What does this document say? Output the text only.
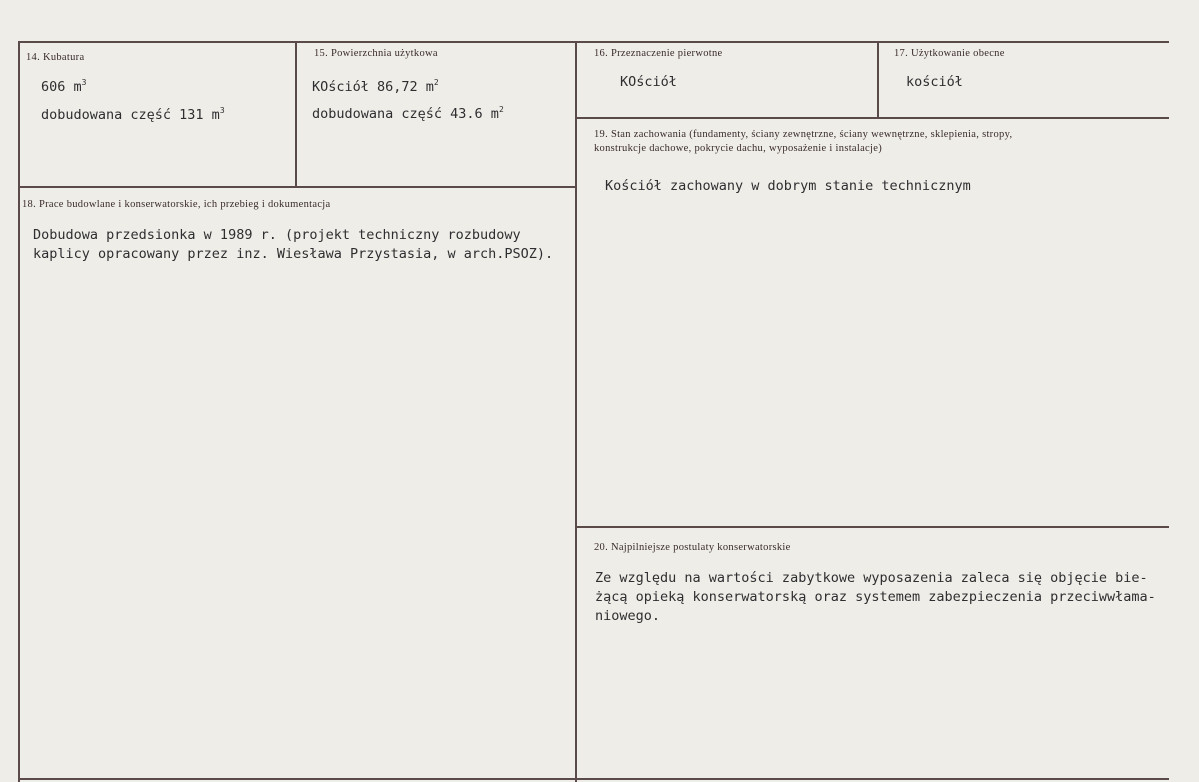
14. Kubatura
606 $m^3$
dobudowana część 131 $m^3$
15. Powierzchnia użytkowa
KOściół 86,72 $m^2$
dobudowana część 43.6 $m^2$
16. Przeznaczenie pierwotne
KOściół
17. Użytkowanie obecne
kościół
19. Stan zachowania (fundamenty, ściany zewnętrzne, ściany wewnętrzne, sklepienia, stropy,
konstrukcje dachowe, pokrycie dachu, wyposażenie i instalacje)
Kościół zachowany w dobrym stanie technicznym
18. Prace budowlane i konserwatorskie, ich przebieg i dokumentacja
Dobudowa przedsionka w 1989 r. (projekt techniczny rozbudowy
kaplicy opracowany przez inz. Wiesława Przystasia, w arch.PSOZ).
20. Najpilniejsze postulaty konserwatorskie
Ze względu na wartości zabytkowe wyposazenia zaleca się objęcie bie-
żącą opieką konserwatorską oraz systemem zabezpieczenia przeciwwłama-
niowego.
